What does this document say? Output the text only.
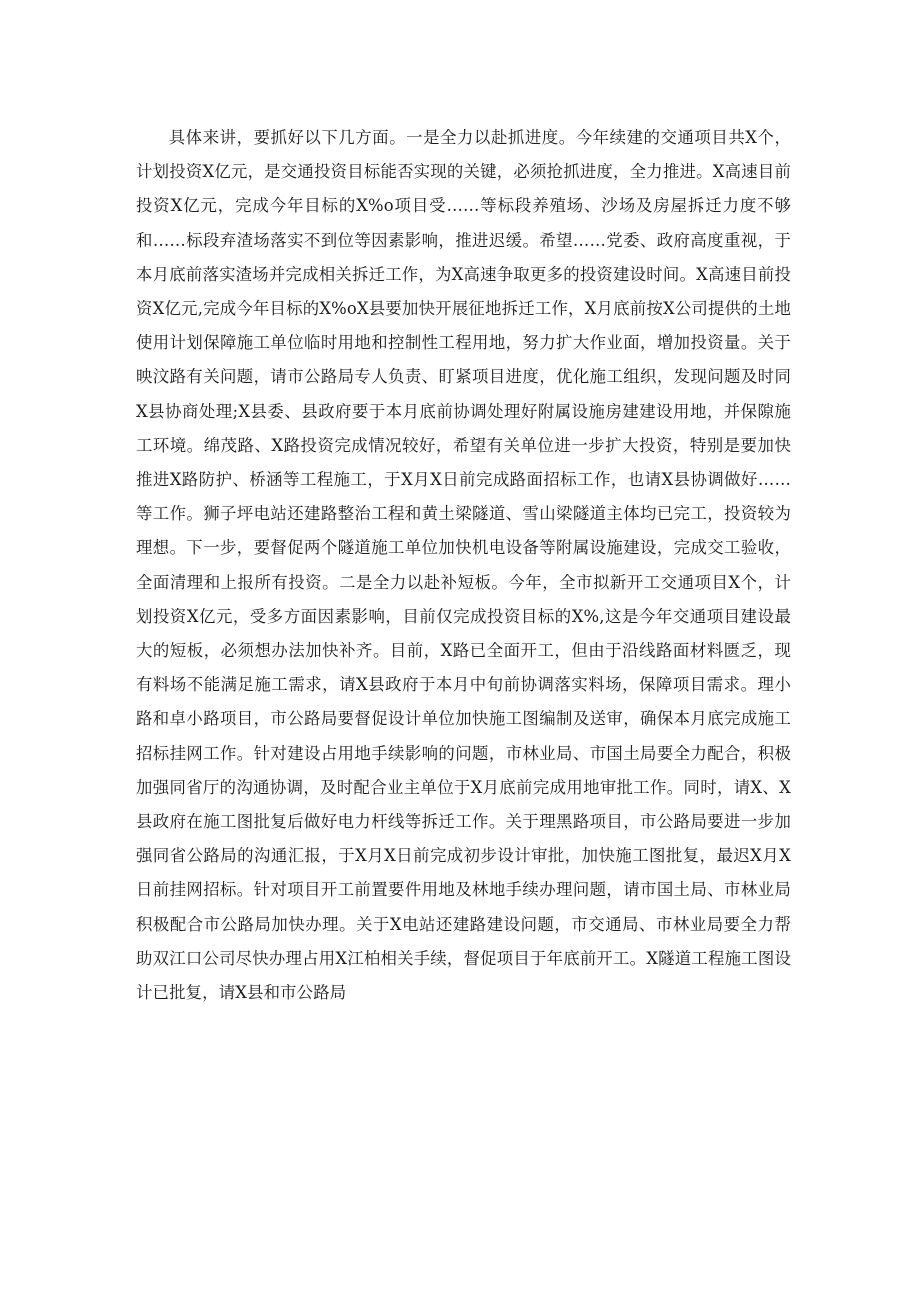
具体来讲，要抓好以下几方面。一是全力以赴抓进度。今年续建的交通项目共X个，计划投资X亿元，是交通投资目标能否实现的关键，必须抢抓进度，全力推进。X高速目前投资X亿元，完成今年目标的X%o项目受……等标段养殖场、沙场及房屋拆迁力度不够和……标段弃渣场落实不到位等因素影响，推进迟缓。希望……党委、政府高度重视，于本月底前落实渣场并完成相关拆迁工作，为X高速争取更多的投资建设时间。X高速目前投资X亿元,完成今年目标的X%oX县要加快开展征地拆迁工作，X月底前按X公司提供的土地使用计划保障施工单位临时用地和控制性工程用地，努力扩大作业面，增加投资量。关于映汶路有关问题，请市公路局专人负责、盯紧项目进度，优化施工组织，发现问题及时同X县协商处理;X县委、县政府要于本月底前协调处理好附属设施房建建设用地，并保隙施工环境。绵茂路、X路投资完成情况较好，希望有关单位进一步扩大投资，特别是要加快推进X路防护、桥涵等工程施工，于X月X日前完成路面招标工作，也请X县协调做好……等工作。狮子坪电站还建路整治工程和黄土梁隧道、雪山梁隧道主体均已完工，投资较为理想。下一步，要督促两个隧道施工单位加快机电设备等附属设施建设，完成交工验收，全面清理和上报所有投资。二是全力以赴补短板。今年，全市拟新开工交通项目X个，计划投资X亿元，受多方面因素影响，目前仅完成投资目标的X%,这是今年交通项目建设最大的短板，必须想办法加快补齐。目前，X路已全面开工，但由于沿线路面材料匮乏，现有料场不能满足施工需求，请X县政府于本月中旬前协调落实料场，保障项目需求。理小路和卓小路项目，市公路局要督促设计单位加快施工图编制及送审，确保本月底完成施工招标挂网工作。针对建设占用地手续影响的问题，市林业局、市国土局要全力配合，积极加强同省厅的沟通协调，及时配合业主单位于X月底前完成用地审批工作。同时，请X、X县政府在施工图批复后做好电力杆线等拆迁工作。关于理黑路项目，市公路局要进一步加强同省公路局的沟通汇报，于X月X日前完成初步设计审批，加快施工图批复，最迟X月X日前挂网招标。针对项目开工前置要件用地及林地手续办理问题，请市国土局、市林业局积极配合市公路局加快办理。关于X电站还建路建设问题，市交通局、市林业局要全力帮助双江口公司尽快办理占用X江柏相关手续，督促项目于年底前开工。X隧道工程施工图设计已批复，请X县和市公路局
